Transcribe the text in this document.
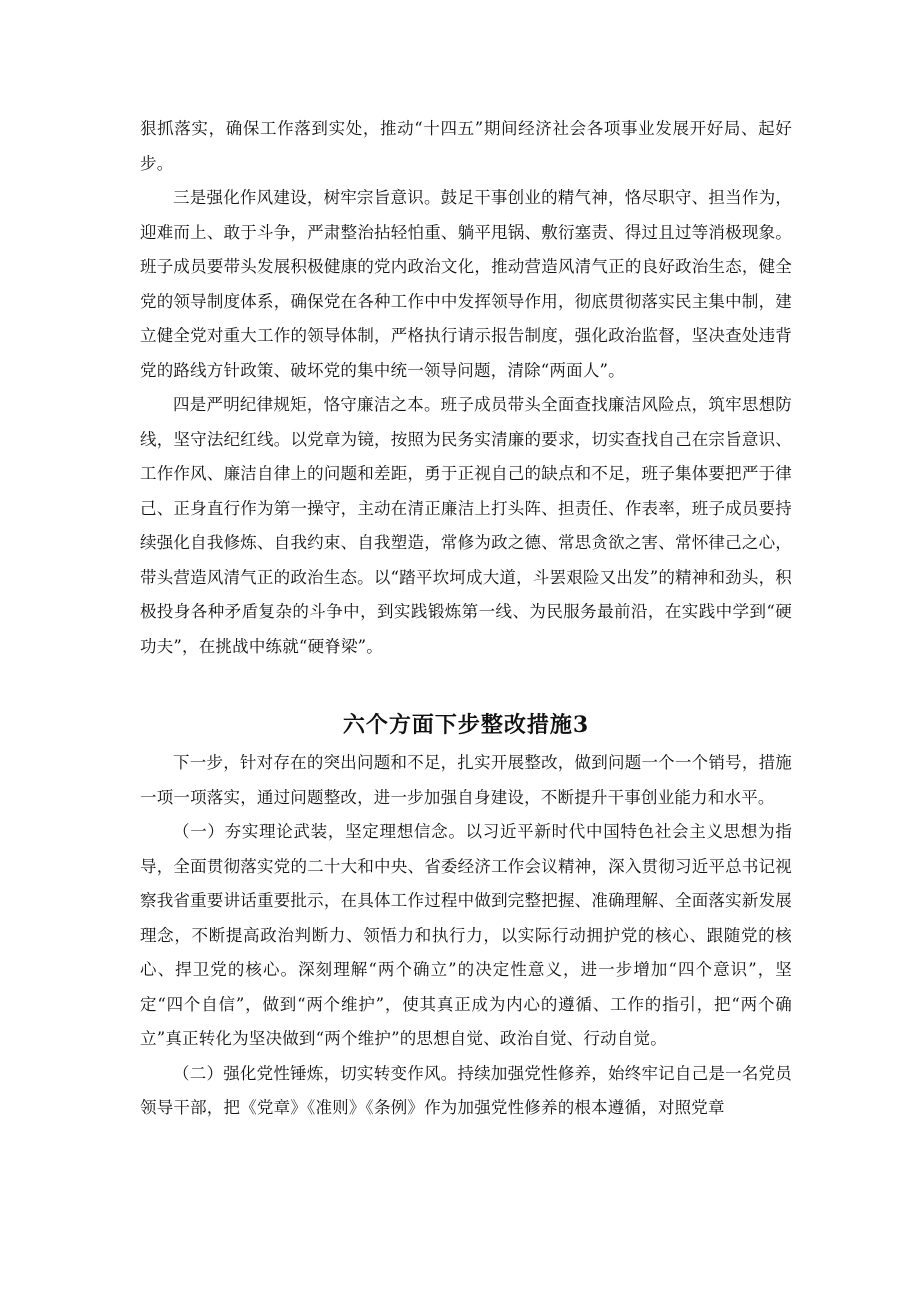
狠抓落实，确保工作落到实处，推动“十四五”期间经济社会各项事业发展开好局、起好步。

三是强化作风建设，树牢宗旨意识。鼓足干事创业的精气神，恪尽职守、担当作为，迎难而上、敢于斗争，严肃整治拈轻怕重、躺平甩锅、敷衍塞责、得过且过等消极现象。班子成员要带头发展积极健康的党内政治文化，推动营造风清气正的良好政治生态，健全党的领导制度体系，确保党在各种工作中中发挥领导作用，彻底贯彻落实民主集中制，建立健全党对重大工作的领导体制，严格执行请示报告制度，强化政治监督，坚决查处违背党的路线方针政策、破坏党的集中统一领导问题，清除“两面人”。

四是严明纪律规矩，恪守廉洁之本。班子成员带头全面查找廉洁风险点，筑牢思想防线，坚守法纪红线。以党章为镜，按照为民务实清廉的要求，切实查找自己在宗旨意识、工作作风、廉洁自律上的问题和差距，勇于正视自己的缺点和不足，班子集体要把严于律己、正身直行作为第一操守，主动在清正廉洁上打头阵、担责任、作表率，班子成员要持续强化自我修炼、自我约束、自我塑造，常修为政之德、常思贪欲之害、常怀律己之心，带头营造风清气正的政治生态。以“踏平坎坷成大道，斗罢艰险又出发”的精神和劲头，积极投身各种矛盾复杂的斗争中，到实践锻炼第一线、为民服务最前沿，在实践中学到“硬功夫”，在挑战中练就“硬脊梁”。

六个方面下步整改措施3

下一步，针对存在的突出问题和不足，扎实开展整改，做到问题一个一个销号，措施一项一项落实，通过问题整改，进一步加强自身建设，不断提升干事创业能力和水平。

（一）夯实理论武装，坚定理想信念。以习近平新时代中国特色社会主义思想为指导，全面贯彻落实党的二十大和中央、省委经济工作会议精神，深入贯彻习近平总书记视察我省重要讲话重要批示，在具体工作过程中做到完整把握、准确理解、全面落实新发展理念，不断提高政治判断力、领悟力和执行力，以实际行动拥护党的核心、跟随党的核心、捍卫党的核心。深刻理解“两个确立”的决定性意义，进一步增加“四个意识”，坚定“四个自信”，做到“两个维护”，使其真正成为内心的遵循、工作的指引，把“两个确立”真正转化为坚决做到“两个维护”的思想自觉、政治自觉、行动自觉。

（二）强化党性锤炼，切实转变作风。持续加强党性修养，始终牢记自己是一名党员领导干部，把《党章》《准则》《条例》作为加强党性修养的根本遵循，对照党章
